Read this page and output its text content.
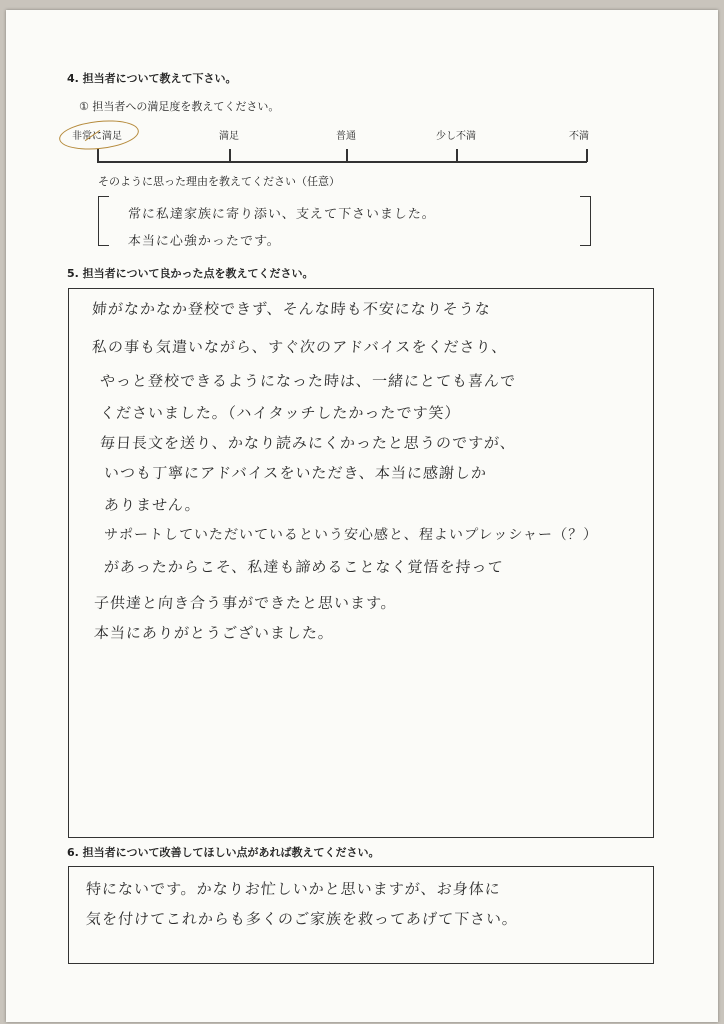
4. 担当者について教えて下さい。
① 担当者への満足度を教えてください。
非常に満足	満足	普通	少し不満	不満
そのように思った理由を教えてください（任意）
常に私達家族に寄り添い、支えて下さいました。
本当に心強かったです。
5. 担当者について良かった点を教えてください。
姉がなかなか登校できず、そんな時も不安になりそうな
私の事も気遣いながら、すぐ次のアドバイスをくださり、
やっと登校できるようになった時は、一緒にとても喜んで
くださいました。（ハイタッチしたかったです笑）
毎日長文を送り、かなり読みにくかったと思うのですが、
いつも丁寧にアドバイスをいただき、本当に感謝しか
ありません。
サポートしていただいているという安心感と、程よいプレッシャー（？）
があったからこそ、私達も諦めることなく覚悟を持って
子供達と向き合う事ができたと思います。
本当にありがとうございました。
6. 担当者について改善してほしい点があれば教えてください。
特にないです。かなりお忙しいかと思いますが、お身体に
気を付けてこれからも多くのご家族を救ってあげて下さい。
